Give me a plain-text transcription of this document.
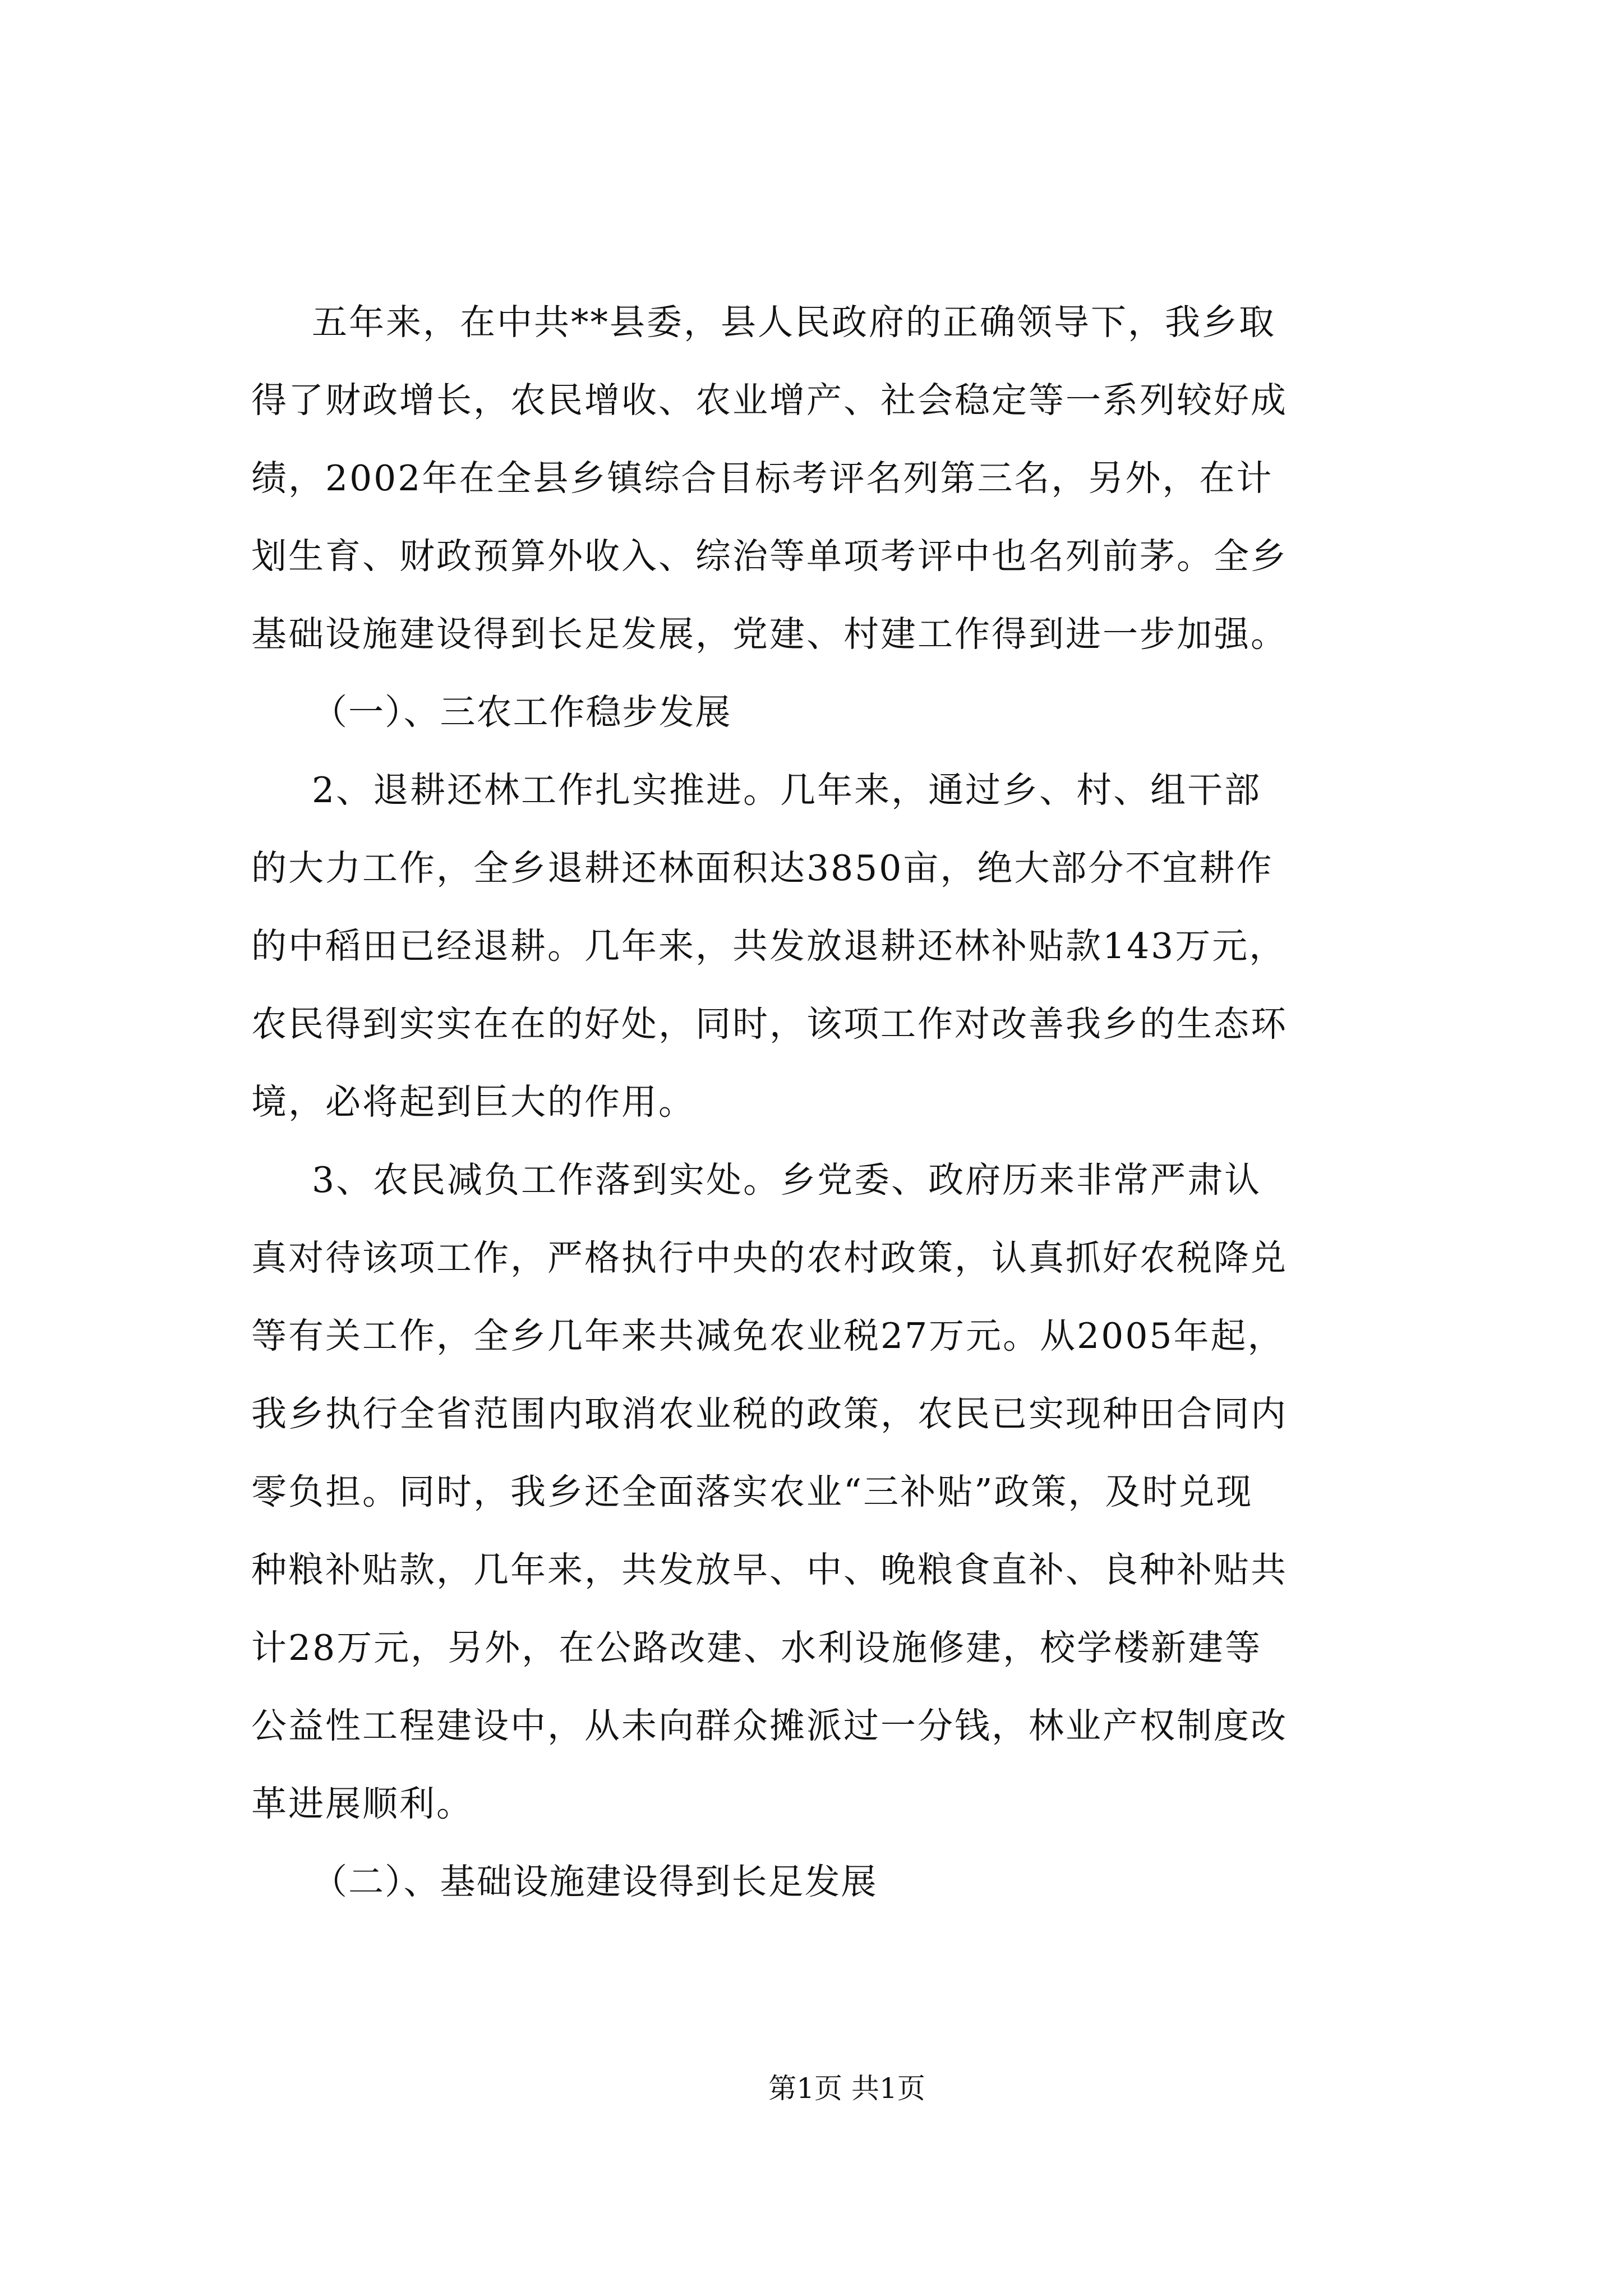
五年来，在中共**县委，县人民政府的正确领导下，我乡取

得了财政增长，农民增收、农业增产、社会稳定等一系列较好成

绩，2002年在全县乡镇综合目标考评名列第三名，另外，在计

划生育、财政预算外收入、综治等单项考评中也名列前茅。全乡

基础设施建设得到长足发展，党建、村建工作得到进一步加强。

（一）、三农工作稳步发展

2、退耕还林工作扎实推进。几年来，通过乡、村、组干部

的大力工作，全乡退耕还林面积达3850亩，绝大部分不宜耕作

的中稻田已经退耕。几年来，共发放退耕还林补贴款143万元，

农民得到实实在在的好处，同时，该项工作对改善我乡的生态环

境，必将起到巨大的作用。

3、农民减负工作落到实处。乡党委、政府历来非常严肃认

真对待该项工作，严格执行中央的农村政策，认真抓好农税降兑

等有关工作，全乡几年来共减免农业税27万元。从2005年起，

我乡执行全省范围内取消农业税的政策，农民已实现种田合同内

零负担。同时，我乡还全面落实农业“三补贴”政策，及时兑现

种粮补贴款，几年来，共发放早、中、晚粮食直补、良种补贴共

计28万元，另外，在公路改建、水利设施修建，校学楼新建等

公益性工程建设中，从未向群众摊派过一分钱，林业产权制度改

革进展顺利。

（二）、基础设施建设得到长足发展

第1页 共1页
